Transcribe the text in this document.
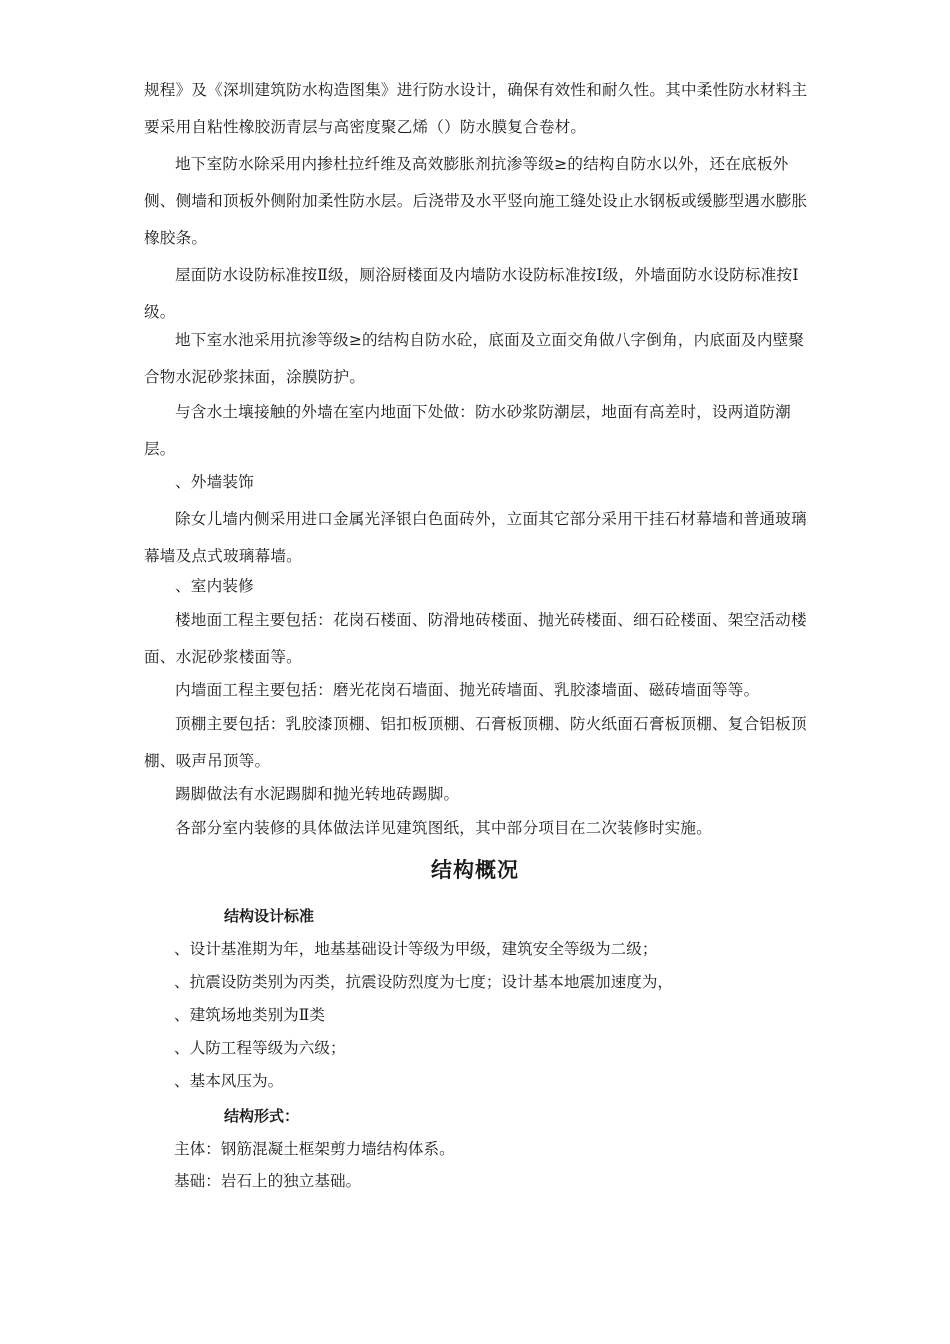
规程》及《深圳建筑防水构造图集》进行防水设计，确保有效性和耐久性。其中柔性防水材料主要采用自粘性橡胶沥青层与高密度聚乙烯（）防水膜复合卷材。

地下室防水除采用内掺杜拉纤维及高效膨胀剂抗渗等级≥的结构自防水以外，还在底板外侧、侧墙和顶板外侧附加柔性防水层。后浇带及水平竖向施工缝处设止水钢板或缓膨型遇水膨胀橡胶条。

屋面防水设防标准按Ⅱ级，厕浴厨楼面及内墙防水设防标准按Ⅰ级，外墙面防水设防标准按Ⅰ级。

地下室水池采用抗渗等级≥的结构自防水砼，底面及立面交角做八字倒角，内底面及内壁聚合物水泥砂浆抹面，涂膜防护。

与含水土壤接触的外墙在室内地面下处做：防水砂浆防潮层，地面有高差时，设两道防潮层。

、外墙装饰

除女儿墙内侧采用进口金属光泽银白色面砖外，立面其它部分采用干挂石材幕墙和普通玻璃幕墙及点式玻璃幕墙。

、室内装修

楼地面工程主要包括：花岗石楼面、防滑地砖楼面、抛光砖楼面、细石砼楼面、架空活动楼面、水泥砂浆楼面等。

内墙面工程主要包括：磨光花岗石墙面、抛光砖墙面、乳胶漆墙面、磁砖墙面等等。

顶棚主要包括：乳胶漆顶棚、铝扣板顶棚、石膏板顶棚、防火纸面石膏板顶棚、复合铝板顶棚、吸声吊顶等。

踢脚做法有水泥踢脚和抛光转地砖踢脚。

各部分室内装修的具体做法详见建筑图纸，其中部分项目在二次装修时实施。

结构概况
结构设计标准

、设计基准期为年，地基基础设计等级为甲级，建筑安全等级为二级；

、抗震设防类别为丙类，抗震设防烈度为七度；设计基本地震加速度为，

、建筑场地类别为Ⅱ类

、人防工程等级为六级；

、基本风压为。

结构形式：

主体：钢筋混凝土框架剪力墙结构体系。

基础：岩石上的独立基础。
